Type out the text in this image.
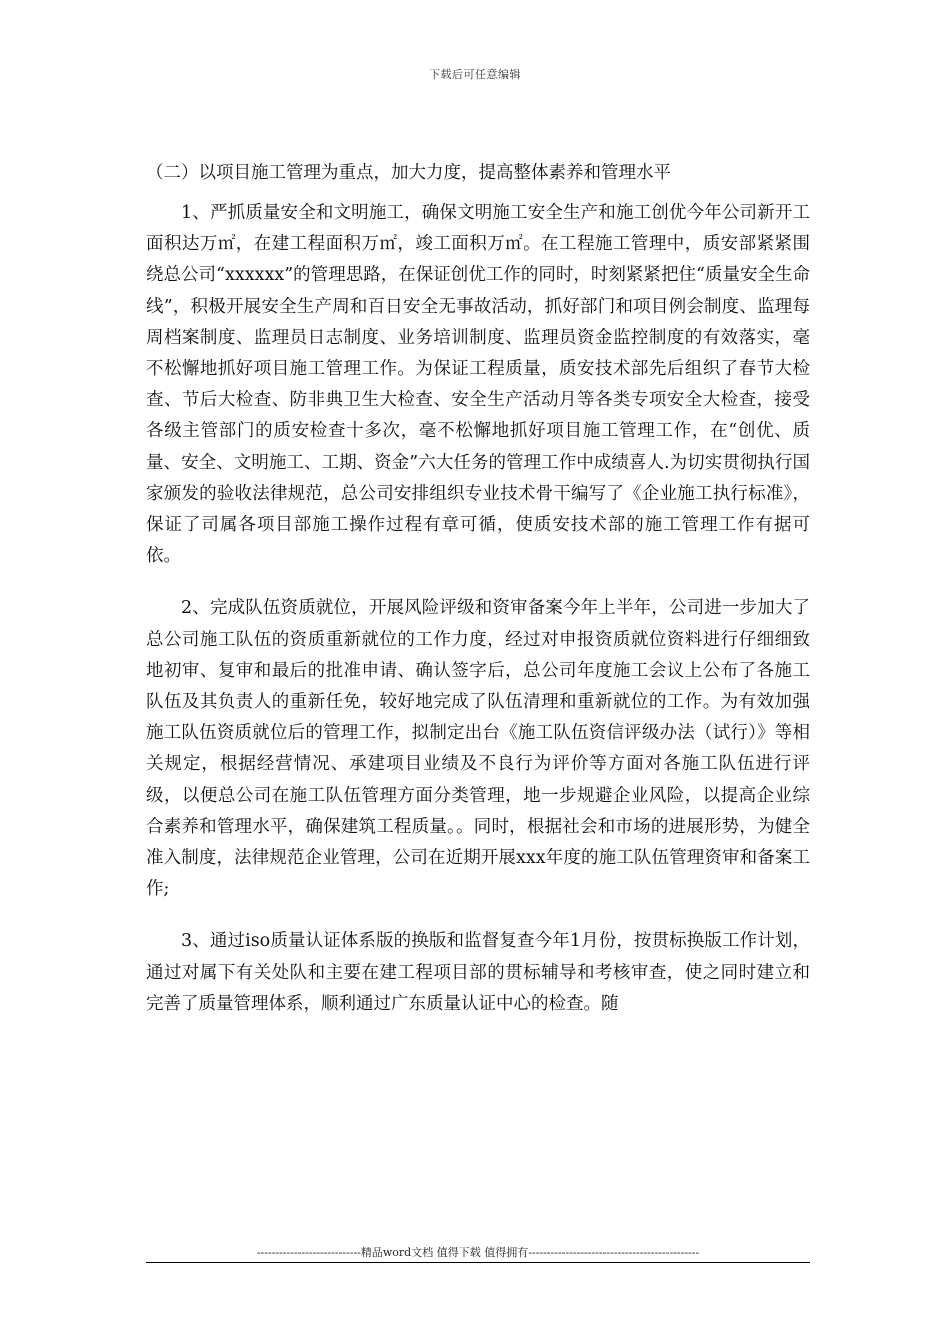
下载后可任意编辑
（二）以项目施工管理为重点，加大力度，提高整体素养和管理水平

1、严抓质量安全和文明施工，确保文明施工安全生产和施工创优今年公司新开工面积达万㎡，在建工程面积万㎡，竣工面积万㎡。在工程施工管理中，质安部紧紧围绕总公司“xxxxxx”的管理思路，在保证创优工作的同时，时刻紧紧把住“质量安全生命线”，积极开展安全生产周和百日安全无事故活动，抓好部门和项目例会制度、监理每周档案制度、监理员日志制度、业务培训制度、监理员资金监控制度的有效落实，毫不松懈地抓好项目施工管理工作。为保证工程质量，质安技术部先后组织了春节大检查、节后大检查、防非典卫生大检查、安全生产活动月等各类专项安全大检查，接受各级主管部门的质安检查十多次，毫不松懈地抓好项目施工管理工作，在“创优、质量、安全、文明施工、工期、资金”六大任务的管理工作中成绩喜人.为切实贯彻执行国家颁发的验收法律规范，总公司安排组织专业技术骨干编写了《企业施工执行标准》，保证了司属各项目部施工操作过程有章可循，使质安技术部的施工管理工作有据可依。

2、完成队伍资质就位，开展风险评级和资审备案今年上半年，公司进一步加大了总公司施工队伍的资质重新就位的工作力度，经过对申报资质就位资料进行仔细细致地初审、复审和最后的批准申请、确认签字后，总公司年度施工会议上公布了各施工队伍及其负责人的重新任免，较好地完成了队伍清理和重新就位的工作。为有效加强施工队伍资质就位后的管理工作，拟制定出台《施工队伍资信评级办法（试行）》等相关规定，根据经营情况、承建项目业绩及不良行为评价等方面对各施工队伍进行评级，以便总公司在施工队伍管理方面分类管理，地一步规避企业风险，以提高企业综合素养和管理水平，确保建筑工程质量。。同时，根据社会和市场的进展形势，为健全准入制度，法律规范企业管理，公司在近期开展xxx年度的施工队伍管理资审和备案工作;

3、通过iso质量认证体系版的换版和监督复查今年1月份，按贯标换版工作计划，通过对属下有关处队和主要在建工程项目部的贯标辅导和考核审查，使之同时建立和完善了质量管理体系，顺利通过广东质量认证中心的检查。随

----------------------------精品word文档 值得下载 值得拥有----------------------------------------------
